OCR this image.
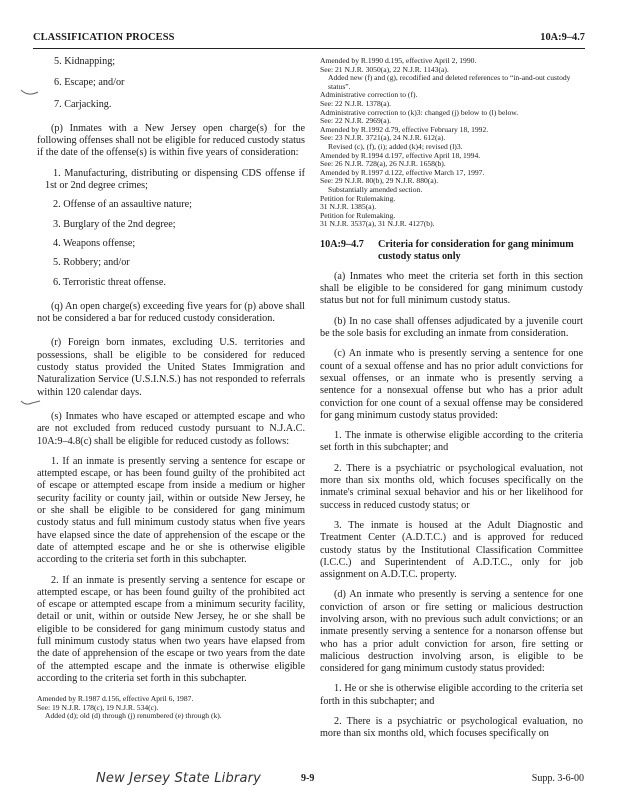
CLASSIFICATION PROCESS	10A:9–4.7
5. Kidnapping;
6. Escape; and/or
7. Carjacking.
(p) Inmates with a New Jersey open charge(s) for the following offenses shall not be eligible for reduced custody status if the date of the offense(s) is within five years of consideration:
1. Manufacturing, distributing or dispensing CDS offense if 1st or 2nd degree crimes;
2. Offense of an assaultive nature;
3. Burglary of the 2nd degree;
4. Weapons offense;
5. Robbery; and/or
6. Terroristic threat offense.
(q) An open charge(s) exceeding five years for (p) above shall not be considered a bar for reduced custody consideration.
(r) Foreign born inmates, excluding U.S. territories and possessions, shall be eligible to be considered for reduced custody status provided the United States Immigration and Naturalization Service (U.S.I.N.S.) has not responded to referrals within 120 calendar days.
(s) Inmates who have escaped or attempted escape and who are not excluded from reduced custody pursuant to N.J.A.C. 10A:9–4.8(c) shall be eligible for reduced custody as follows:
1. If an inmate is presently serving a sentence for escape or attempted escape, or has been found guilty of the prohibited act of escape or attempted escape from inside a medium or higher security facility or county jail, within or outside New Jersey, he or she shall be eligible to be considered for gang minimum custody status and full minimum custody status when five years have elapsed since the date of apprehension of the escape or the date of attempted escape and he or she is otherwise eligible according to the criteria set forth in this subchapter.
2. If an inmate is presently serving a sentence for escape or attempted escape, or has been found guilty of the prohibited act of escape or attempted escape from a minimum security facility, detail or unit, within or outside New Jersey, he or she shall be eligible to be considered for gang minimum custody status and full minimum custody status when two years have elapsed from the date of apprehension of the escape or two years from the date of the attempted escape and the inmate is otherwise eligible according to the criteria set forth in this subchapter.
Amended by R.1987 d.156, effective April 6, 1987.
See: 19 N.J.R. 178(c), 19 N.J.R. 534(c).
Added (d); old (d) through (j) renumbered (e) through (k).
Amended by R.1990 d.195, effective April 2, 1990.
See: 21 N.J.R. 3050(a), 22 N.J.R. 1143(a).
Added new (f) and (g), recodified and deleted references to “in-and-out custody status”.
Administrative correction to (f).
See: 22 N.J.R. 1378(a).
Administrative correction to (k)3: changed (j) below to (l) below.
See: 22 N.J.R. 2969(a).
Amended by R.1992 d.79, effective February 18, 1992.
See: 23 N.J.R. 3721(a), 24 N.J.R. 612(a).
Revised (c), (f), (i); added (k)4; revised (l)3.
Amended by R.1994 d.197, effective April 18, 1994.
See: 26 N.J.R. 728(a), 26 N.J.R. 1658(b).
Amended by R.1997 d.122, effective March 17, 1997.
See: 29 N.J.R. 80(b), 29 N.J.R. 880(a).
Substantially amended section.
Petition for Rulemaking.
31 N.J.R. 1385(a).
Petition for Rulemaking.
31 N.J.R. 3537(a), 31 N.J.R. 4127(b).
10A:9–4.7 Criteria for consideration for gang minimum custody status only
(a) Inmates who meet the criteria set forth in this section shall be eligible to be considered for gang minimum custody status but not for full minimum custody status.
(b) In no case shall offenses adjudicated by a juvenile court be the sole basis for excluding an inmate from consideration.
(c) An inmate who is presently serving a sentence for one count of a sexual offense and has no prior adult convictions for sexual offenses, or an inmate who is presently serving a sentence for a nonsexual offense but who has a prior adult conviction for one count of a sexual offense may be considered for gang minimum custody status provided:
1. The inmate is otherwise eligible according to the criteria set forth in this subchapter; and
2. There is a psychiatric or psychological evaluation, not more than six months old, which focuses specifically on the inmate's criminal sexual behavior and his or her likelihood for success in reduced custody status; or
3. The inmate is housed at the Adult Diagnostic and Treatment Center (A.D.T.C.) and is approved for reduced custody status by the Institutional Classification Committee (I.C.C.) and Superintendent of A.D.T.C., only for job assignment on A.D.T.C. property.
(d) An inmate who presently is serving a sentence for one conviction of arson or fire setting or malicious destruction involving arson, with no previous such adult convictions; or an inmate presently serving a sentence for a nonarson offense but who has a prior adult conviction for arson, fire setting or malicious destruction involving arson, is eligible to be considered for gang minimum custody status provided:
1. He or she is otherwise eligible according to the criteria set forth in this subchapter; and
2. There is a psychiatric or psychological evaluation, no more than six months old, which focuses specifically on
New Jersey State Library	9-9	Supp. 3-6-00
